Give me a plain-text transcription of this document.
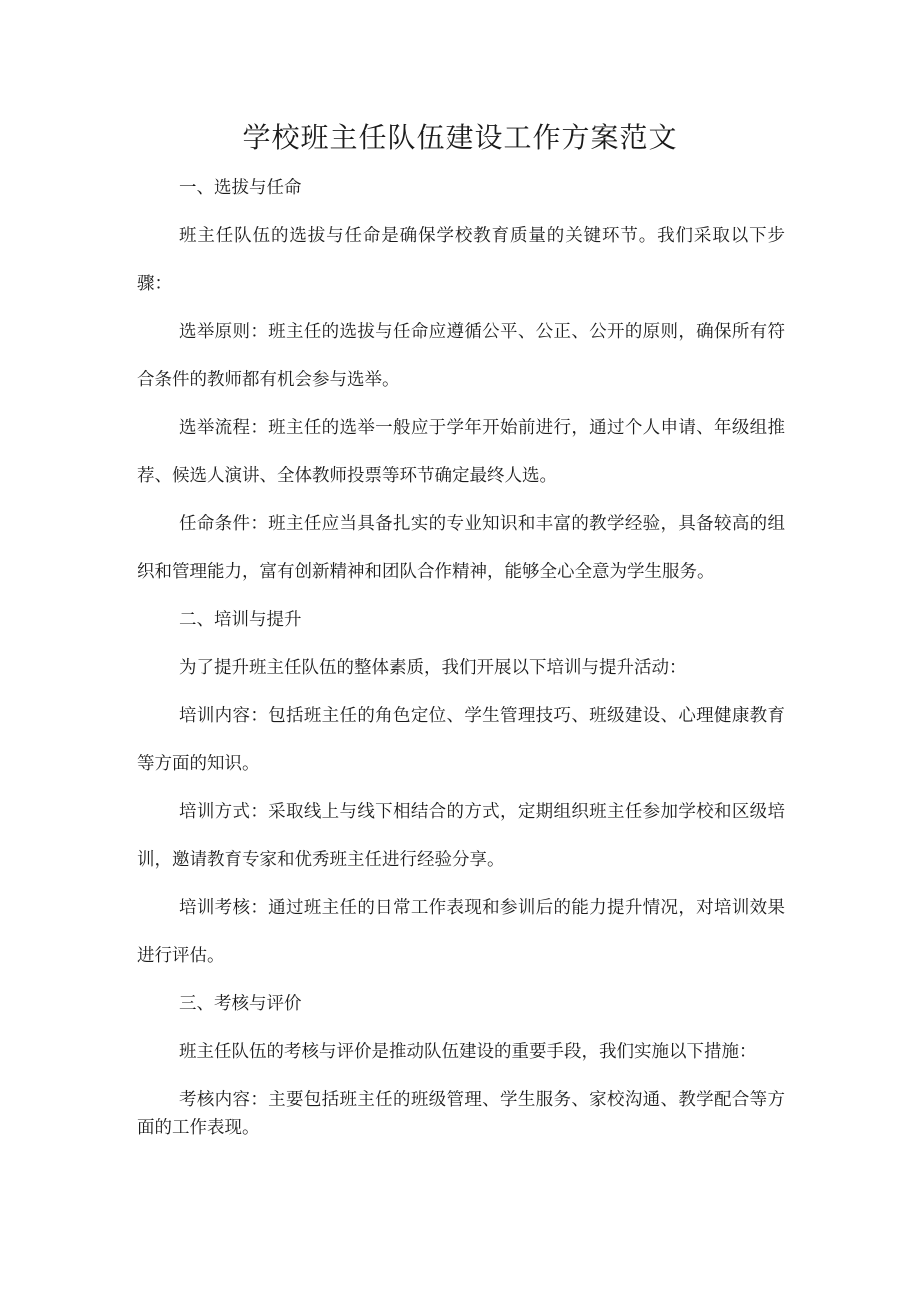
学校班主任队伍建设工作方案范文

一、选拔与任命

班主任队伍的选拔与任命是确保学校教育质量的关键环节。我们采取以下步骤：

选举原则：班主任的选拔与任命应遵循公平、公正、公开的原则，确保所有符合条件的教师都有机会参与选举。

选举流程：班主任的选举一般应于学年开始前进行，通过个人申请、年级组推荐、候选人演讲、全体教师投票等环节确定最终人选。

任命条件：班主任应当具备扎实的专业知识和丰富的教学经验，具备较高的组织和管理能力，富有创新精神和团队合作精神，能够全心全意为学生服务。

二、培训与提升

为了提升班主任队伍的整体素质，我们开展以下培训与提升活动：

培训内容：包括班主任的角色定位、学生管理技巧、班级建设、心理健康教育等方面的知识。

培训方式：采取线上与线下相结合的方式，定期组织班主任参加学校和区级培训，邀请教育专家和优秀班主任进行经验分享。

培训考核：通过班主任的日常工作表现和参训后的能力提升情况，对培训效果进行评估。

三、考核与评价

班主任队伍的考核与评价是推动队伍建设的重要手段，我们实施以下措施：

考核内容：主要包括班主任的班级管理、学生服务、家校沟通、教学配合等方面的工作表现。
